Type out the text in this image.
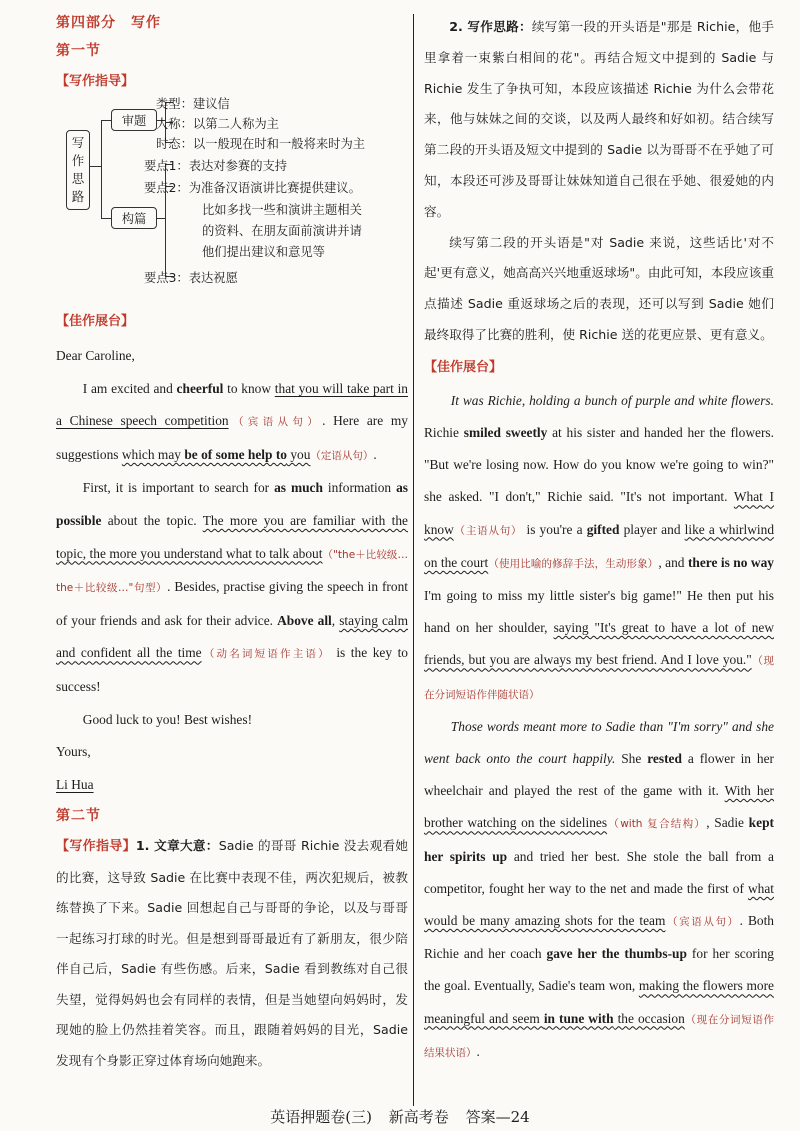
第四部分　写作
第一节
【写作指导】
写作思路
审题
构篇
类型：建议信
人称：以第二人称为主
时态：以一般现在时和一般将来时为主
要点1：表达对参赛的支持
要点2：为准备汉语演讲比赛提供建议。
比如多找一些和演讲主题相关
的资料、在朋友面前演讲并请
他们提出建议和意见等
要点3：表达祝愿
【佳作展台】

Dear Caroline,

I am excited and cheerful to know that you will take part in a Chinese speech competition（宾语从句）. Here are my suggestions which may be of some help to you（定语从句）.

First, it is important to search for as much information as possible about the topic. The more you are familiar with the topic, the more you understand what to talk about（"the＋比较级… the＋比较级…"句型）. Besides, practise giving the speech in front of your friends and ask for their advice. Above all, staying calm and confident all the time（动名词短语作主语） is the key to success!

Good luck to you! Best wishes!

Yours,

Li Hua

第二节

【写作指导】1. 文章大意：Sadie 的哥哥 Richie 没去观看她的比赛，这导致 Sadie 在比赛中表现不佳，两次犯规后，被教练替换了下来。Sadie 回想起自己与哥哥的争论，以及与哥哥一起练习打球的时光。但是想到哥哥最近有了新朋友，很少陪伴自己后，Sadie 有些伤感。后来，Sadie 看到教练对自己很失望，觉得妈妈也会有同样的表情，但是当她望向妈妈时，发现她的脸上仍然挂着笑容。而且，跟随着妈妈的目光，Sadie 发现有个身影正穿过体育场向她跑来。

2. 写作思路：续写第一段的开头语是"那是 Richie，他手里拿着一束紫白相间的花"。再结合短文中提到的 Sadie 与 Richie 发生了争执可知，本段应该描述 Richie 为什么会带花来，他与妹妹之间的交谈，以及两人最终和好如初。结合续写第二段的开头语及短文中提到的 Sadie 以为哥哥不在乎她了可知，本段还可涉及哥哥让妹妹知道自己很在乎她、很爱她的内容。

续写第二段的开头语是"对 Sadie 来说，这些话比'对不起'更有意义，她高高兴兴地重返球场"。由此可知，本段应该重点描述 Sadie 重返球场之后的表现，还可以写到 Sadie 她们最终取得了比赛的胜利，使 Richie 送的花更应景、更有意义。

【佳作展台】

It was Richie, holding a bunch of purple and white flowers. Richie smiled sweetly at his sister and handed her the flowers. "But we're losing now. How do you know we're going to win?" she asked. "I don't," Richie said. "It's not important. What I know（主语从句） is you're a gifted player and like a whirlwind on the court（使用比喻的修辞手法，生动形象）, and there is no way I'm going to miss my little sister's big game!" He then put his hand on her shoulder, saying "It's great to have a lot of new friends, but you are always my best friend. And I love you."（现在分词短语作伴随状语）

Those words meant more to Sadie than "I'm sorry" and she went back onto the court happily. She rested a flower in her wheelchair and played the rest of the game with it. With her brother watching on the sidelines（with 复合结构）, Sadie kept her spirits up and tried her best. She stole the ball from a competitor, fought her way to the net and made the first of what would be many amazing shots for the team（宾语从句）. Both Richie and her coach gave her the thumbs-up for her scoring the goal. Eventually, Sadie's team won, making the flowers more meaningful and seem in tune with the occasion（现在分词短语作结果状语）.

英语押题卷(三) 新高考卷 答案—24
